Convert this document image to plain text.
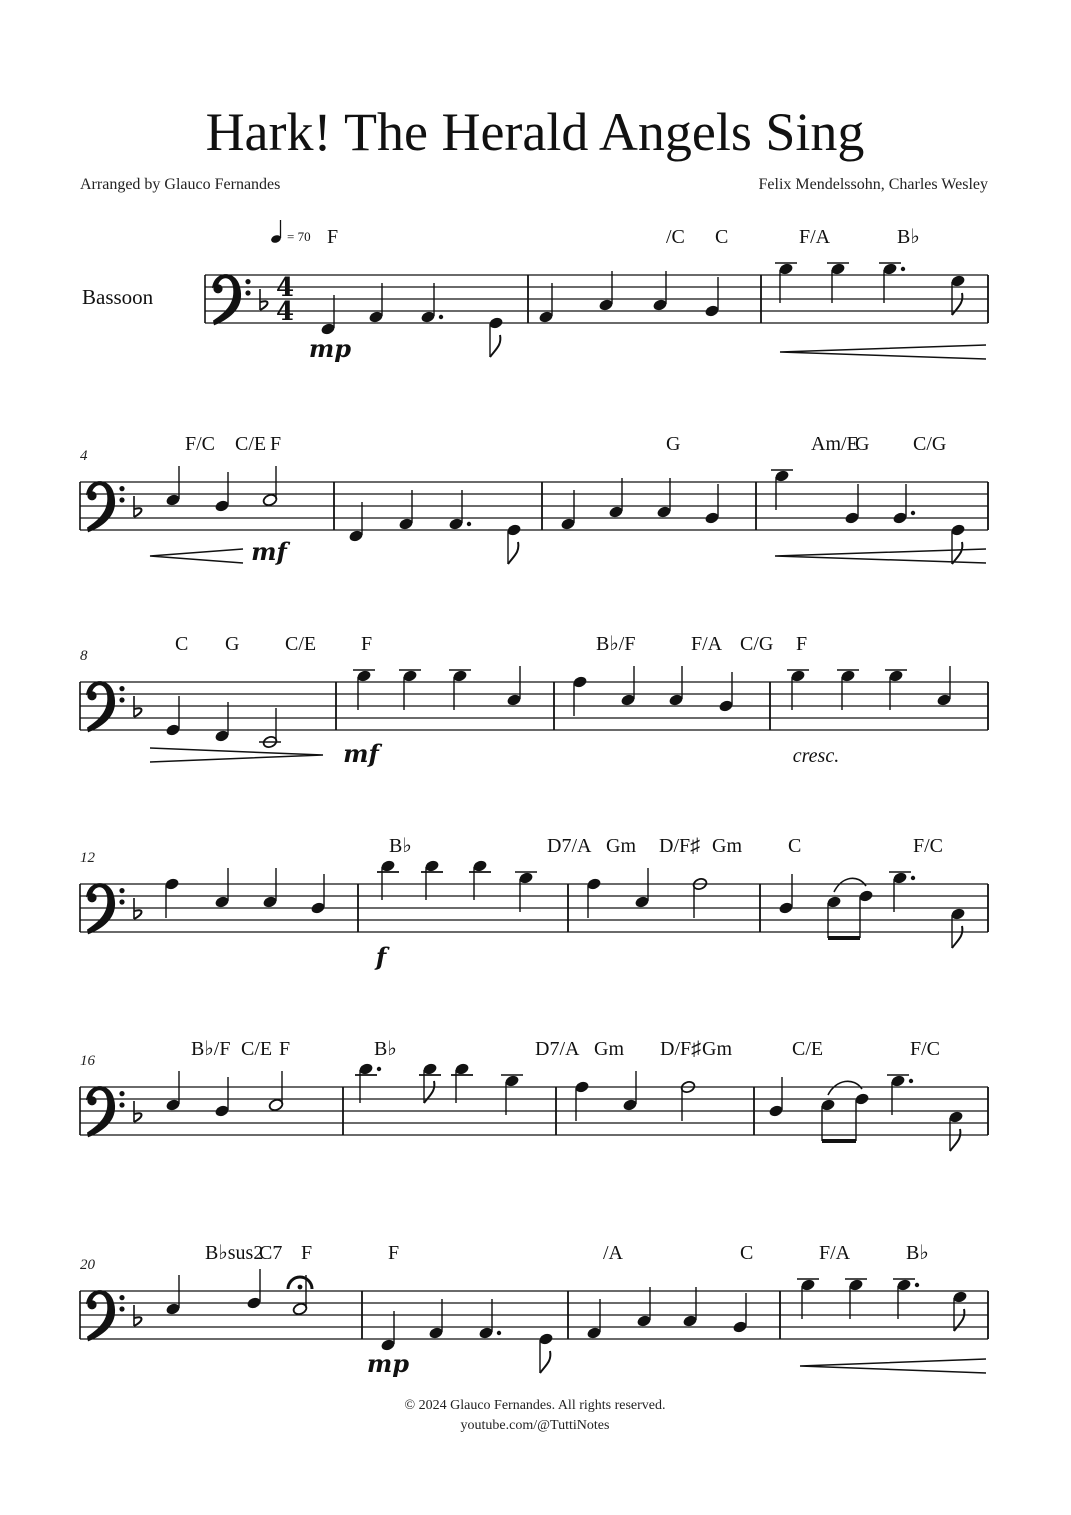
Hark! The Herald Angels Sing
Arranged by Glauco Fernandes	Felix Mendelssohn, Charles Wesley
Bassoon
= 70 F	/C C	F/A	B♭
mp
4
4
4
F/C C/E F	G	Am/E
G C/G
mf
8
C G C/E F	B♭/F	F/A C/G F
mf	cresc.
12
B♭	D7/A Gm D/F♯ Gm C	F/C
f
16
B♭/F C/E F	B♭	D7/A Gm D/F♯ Gm	C/E	F/C
20
B♭sus2
C7 F	F	/A	C	F/A	B♭
mp
© 2024 Glauco Fernandes. All rights reserved.
youtube.com/@TuttiNotes
